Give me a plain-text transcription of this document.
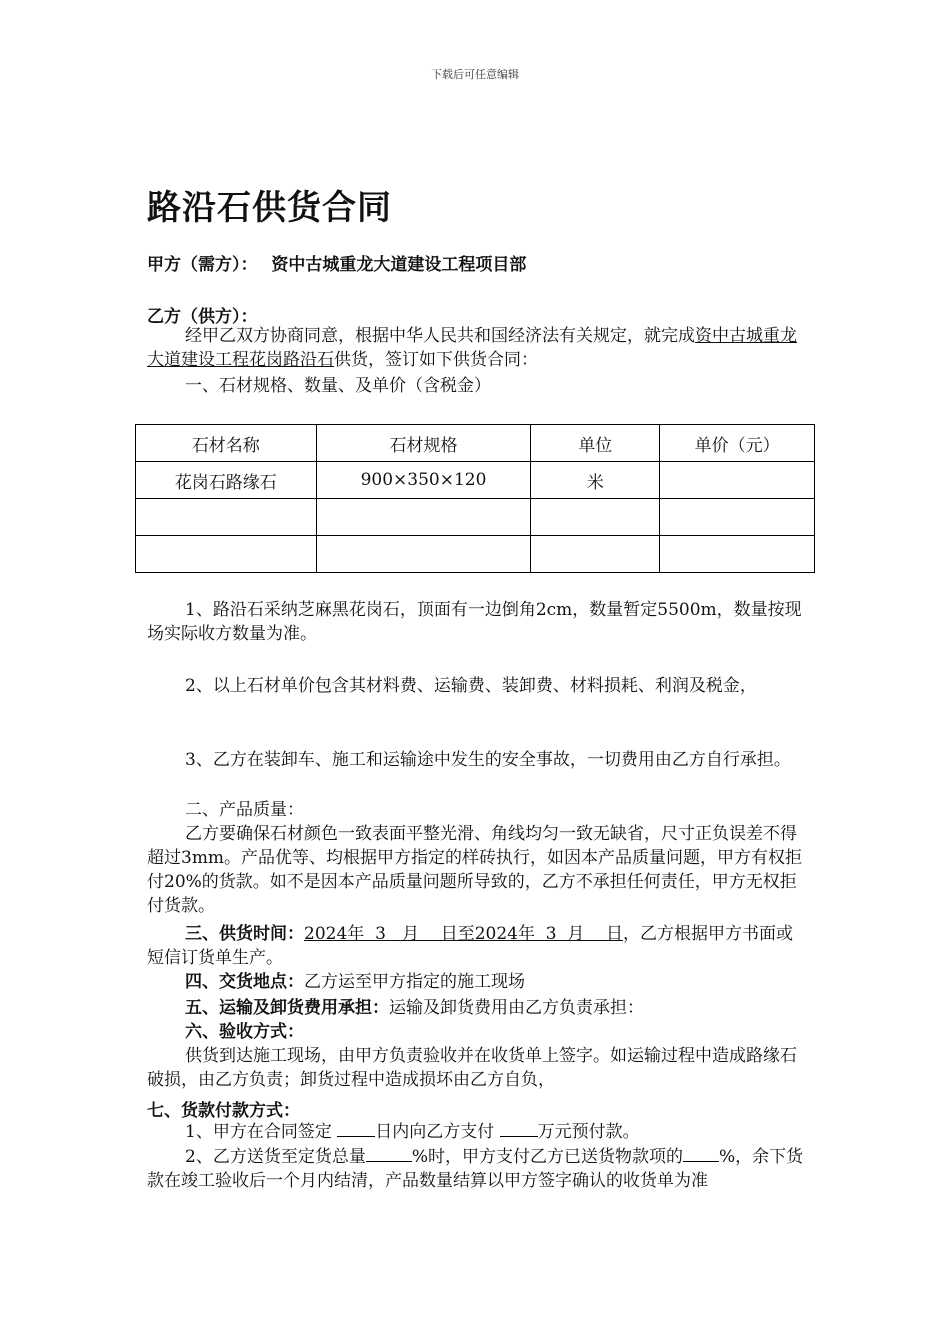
下载后可任意编辑
路沿石供货合同
甲方（需方）： 资中古城重龙大道建设工程项目部
乙方（供方）：
经甲乙双方协商同意，根据中华人民共和国经济法有关规定，就完成资中古城重龙大道建设工程花岗路沿石供货，签订如下供货合同：
一、石材规格、数量、及单价（含税金）
石材名称	石材规格	单位	单价（元）
花岗石路缘石	900×350×120	米	

1、路沿石采纳芝麻黑花岗石，顶面有一边倒角2cm，数量暂定5500m，数量按现场实际收方数量为准。
2、以上石材单价包含其材料费、运输费、装卸费、材料损耗、利润及税金，
3、乙方在装卸车、施工和运输途中发生的安全事故，一切费用由乙方自行承担。
二、产品质量：
乙方要确保石材颜色一致表面平整光滑、角线均匀一致无缺省，尺寸正负误差不得超过3mm。产品优等、均根据甲方指定的样砖执行，如因本产品质量问题，甲方有权拒付20%的货款。如不是因本产品质量问题所导致的，乙方不承担任何责任，甲方无权拒付货款。
三、供货时间：2024年  3   月    日至2024年  3  月    日，乙方根据甲方书面或短信订货单生产。
四、交货地点：乙方运至甲方指定的施工现场
五、运输及卸货费用承担：运输及卸货费用由乙方负责承担：
六、验收方式：
供货到达施工现场，由甲方负责验收并在收货单上签字。如运输过程中造成路缘石破损，由乙方负责；卸货过程中造成损坏由乙方自负，
七、货款付款方式：
1、甲方在合同签定 日内向乙方支付 万元预付款。
2、乙方送货至定货总量	%时，甲方支付乙方已送货物款项的 %，余下货款在竣工验收后一个月内结清，产品数量结算以甲方签字确认的收货单为准
